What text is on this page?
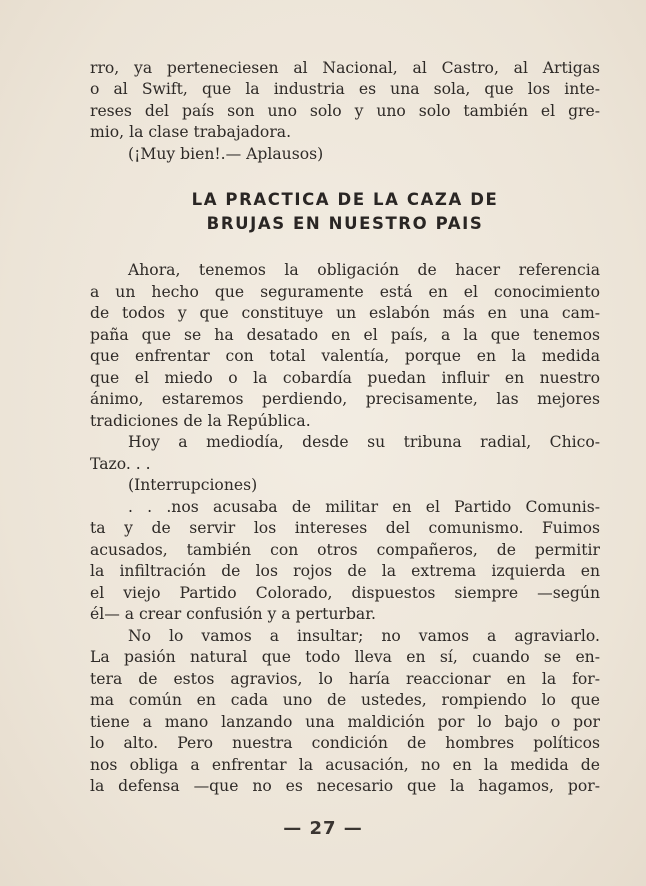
rro, ya perteneciesen al Nacional, al Castro, al Artigas
o al Swift, que la industria es una sola, que los inte-
reses del país son uno solo y uno solo también el gre-
mio, la clase trabajadora.
(¡Muy bien!.— Aplausos)
LA PRACTICA DE LA CAZA DE
BRUJAS EN NUESTRO PAIS
Ahora, tenemos la obligación de hacer referencia
a un hecho que seguramente está en el conocimiento
de todos y que constituye un eslabón más en una cam-
paña que se ha desatado en el país, a la que tenemos
que enfrentar con total valentía, porque en la medida
que el miedo o la cobardía puedan influir en nuestro
ánimo, estaremos perdiendo, precisamente, las mejores
tradiciones de la República.
Hoy a mediodía, desde su tribuna radial, Chico-
Tazo. . .
(Interrupciones)
. . .nos acusaba de militar en el Partido Comunis-
ta y de servir los intereses del comunismo. Fuimos
acusados, también con otros compañeros, de permitir
la infiltración de los rojos de la extrema izquierda en
el viejo Partido Colorado, dispuestos siempre —según
él— a crear confusión y a perturbar.
No lo vamos a insultar; no vamos a agraviarlo.
La pasión natural que todo lleva en sí, cuando se en-
tera de estos agravios, lo haría reaccionar en la for-
ma común en cada uno de ustedes, rompiendo lo que
tiene a mano lanzando una maldición por lo bajo o por
lo alto. Pero nuestra condición de hombres políticos
nos obliga a enfrentar la acusación, no en la medida de
la defensa —que no es necesario que la hagamos, por-
— 27 —
